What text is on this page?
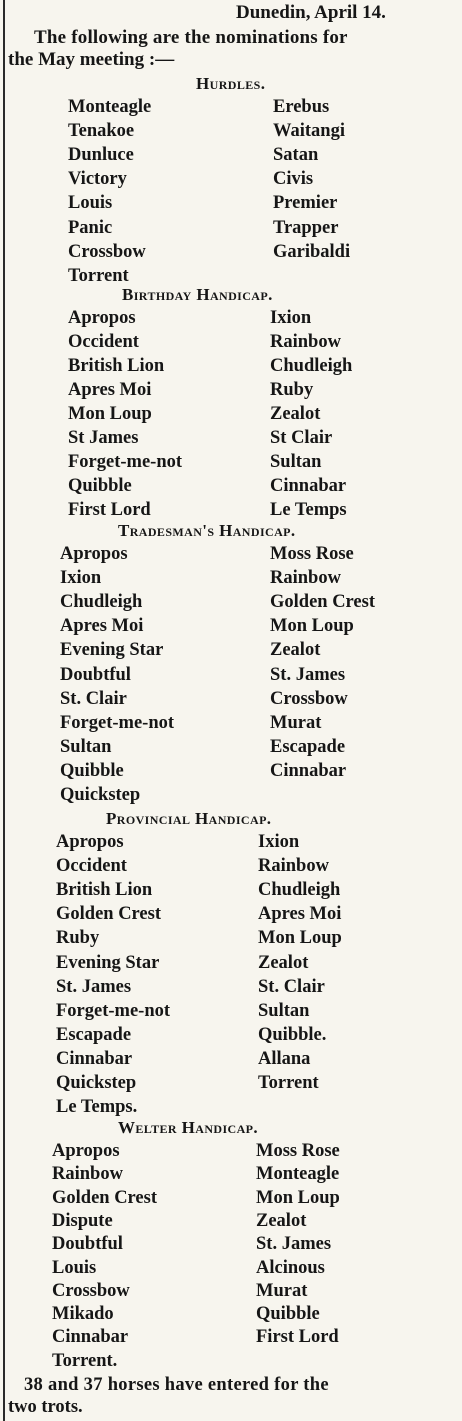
Dunedin, April 14.
The following are the nominations for
the May meeting :—
Hurdles.
Monteagle
Tenakoe
Dunluce
Victory
Louis
Panic
Crossbow
Torrent
Erebus
Waitangi
Satan
Civis
Premier
Trapper
Garibaldi
Birthday Handicap.
Apropos
Occident
British Lion
Apres Moi
Mon Loup
St James
Forget-me-not
Quibble
First Lord
Ixion
Rainbow
Chudleigh
Ruby
Zealot
St Clair
Sultan
Cinnabar
Le Temps
Tradesman's Handicap.
Apropos
Ixion
Chudleigh
Apres Moi
Evening Star
Doubtful
St. Clair
Forget-me-not
Sultan
Quibble
Quickstep
Moss Rose
Rainbow
Golden Crest
Mon Loup
Zealot
St. James
Crossbow
Murat
Escapade
Cinnabar
Provincial Handicap.
Apropos
Occident
British Lion
Golden Crest
Ruby
Evening Star
St. James
Forget-me-not
Escapade
Cinnabar
Quickstep
Le Temps.
Ixion
Rainbow
Chudleigh
Apres Moi
Mon Loup
Zealot
St. Clair
Sultan
Quibble.
Allana
Torrent
Welter Handicap.
Apropos
Rainbow
Golden Crest
Dispute
Doubtful
Louis
Crossbow
Mikado
Cinnabar
Torrent.
Moss Rose
Monteagle
Mon Loup
Zealot
St. James
Alcinous
Murat
Quibble
First Lord
38 and 37 horses have entered for the
two trots.
